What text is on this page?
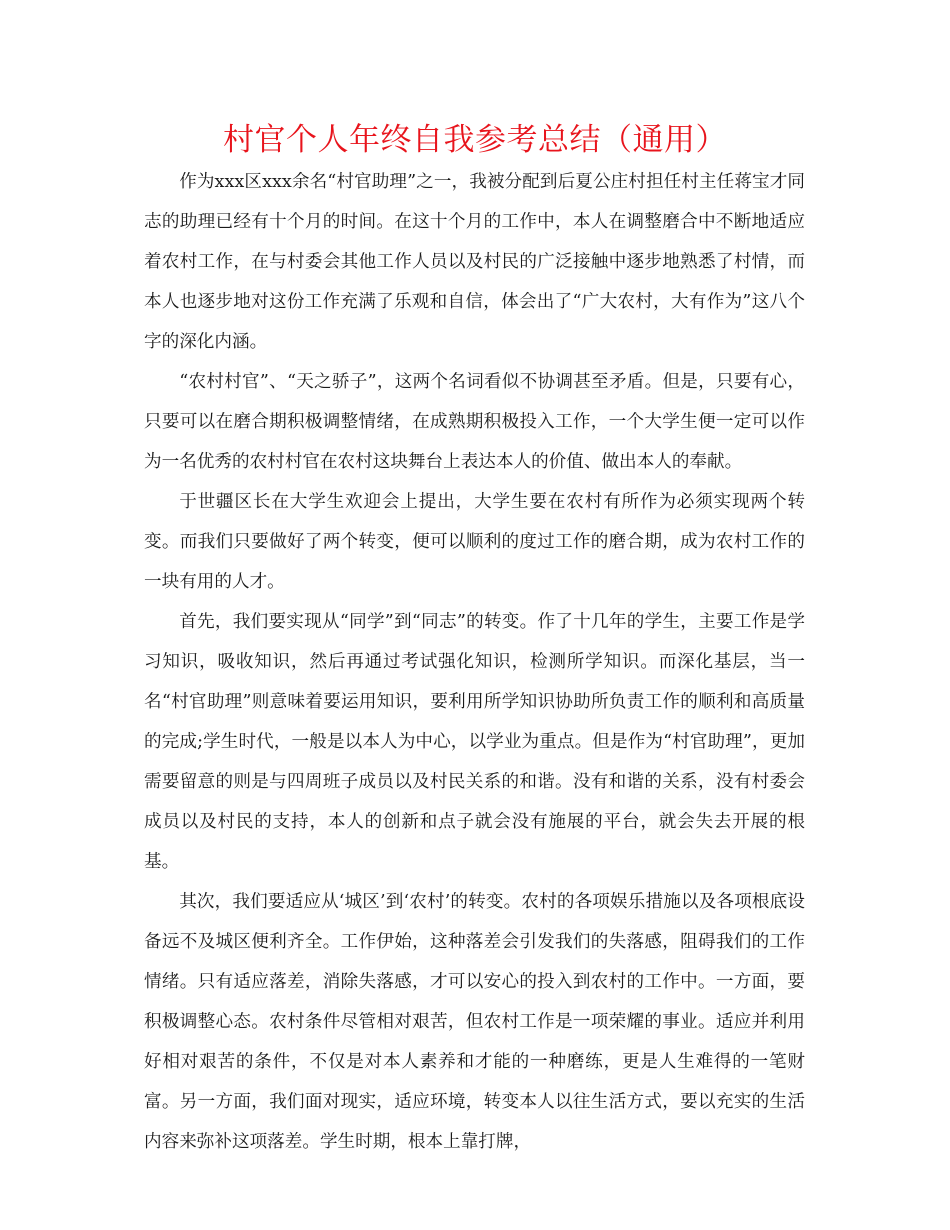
村官个人年终自我参考总结（通用）

作为xxx区xxx余名“村官助理”之一，我被分配到后夏公庄村担任村主任蒋宝才同志的助理已经有十个月的时间。在这十个月的工作中，本人在调整磨合中不断地适应着农村工作，在与村委会其他工作人员以及村民的广泛接触中逐步地熟悉了村情，而本人也逐步地对这份工作充满了乐观和自信，体会出了“广大农村，大有作为”这八个字的深化内涵。

“农村村官”、“天之骄子”，这两个名词看似不协调甚至矛盾。但是，只要有心，只要可以在磨合期积极调整情绪，在成熟期积极投入工作，一个大学生便一定可以作为一名优秀的农村村官在农村这块舞台上表达本人的价值、做出本人的奉献。

于世疆区长在大学生欢迎会上提出，大学生要在农村有所作为必须实现两个转变。而我们只要做好了两个转变，便可以顺利的度过工作的磨合期，成为农村工作的一块有用的人才。

首先，我们要实现从“同学”到“同志”的转变。作了十几年的学生，主要工作是学习知识，吸收知识，然后再通过考试强化知识，检测所学知识。而深化基层，当一名“村官助理”则意味着要运用知识，要利用所学知识协助所负责工作的顺利和高质量的完成;学生时代，一般是以本人为中心，以学业为重点。但是作为“村官助理”，更加需要留意的则是与四周班子成员以及村民关系的和谐。没有和谐的关系，没有村委会成员以及村民的支持，本人的创新和点子就会没有施展的平台，就会失去开展的根基。

其次，我们要适应从‘城区’到‘农村’的转变。农村的各项娱乐措施以及各项根底设备远不及城区便利齐全。工作伊始，这种落差会引发我们的失落感，阻碍我们的工作情绪。只有适应落差，消除失落感，才可以安心的投入到农村的工作中。一方面，要积极调整心态。农村条件尽管相对艰苦，但农村工作是一项荣耀的事业。适应并利用好相对艰苦的条件，不仅是对本人素养和才能的一种磨练，更是人生难得的一笔财富。另一方面，我们面对现实，适应环境，转变本人以往生活方式，要以充实的生活内容来弥补这项落差。学生时期，根本上靠打牌，
